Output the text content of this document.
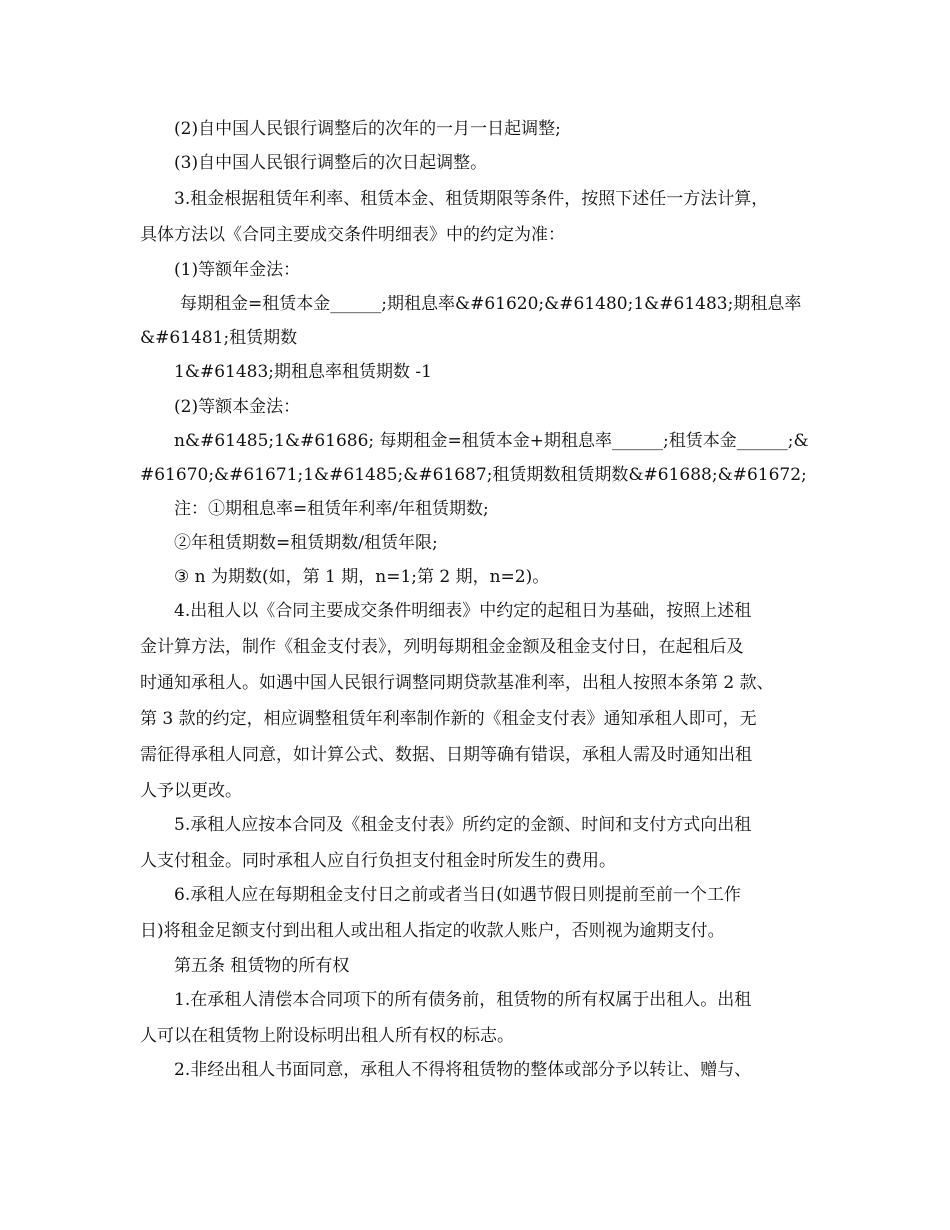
(2)自中国人民银行调整后的次年的一月一日起调整;
(3)自中国人民银行调整后的次日起调整。
3.租金根据租赁年利率、租赁本金、租赁期限等条件，按照下述任一方法计算，
具体方法以《合同主要成交条件明细表》中的约定为准：
(1)等额年金法：
每期租金=租赁本金______;期租息率&#61620;&#61480;1&#61483;期租息率
&#61481;租赁期数
1&#61483;期租息率租赁期数 -1
(2)等额本金法：
n&#61485;1&#61686; 每期租金=租赁本金+期租息率______;租赁本金______;&
#61670;&#61671;1&#61485;&#61687;租赁期数租赁期数&#61688;&#61672;
注：①期租息率=租赁年利率/年租赁期数;
②年租赁期数=租赁期数/租赁年限;
③ n 为期数(如，第 1 期，n=1;第 2 期，n=2)。
4.出租人以《合同主要成交条件明细表》中约定的起租日为基础，按照上述租
金计算方法，制作《租金支付表》，列明每期租金金额及租金支付日，在起租后及
时通知承租人。如遇中国人民银行调整同期贷款基准利率，出租人按照本条第 2 款、
第 3 款的约定，相应调整租赁年利率制作新的《租金支付表》通知承租人即可，无
需征得承租人同意，如计算公式、数据、日期等确有错误，承租人需及时通知出租
人予以更改。
5.承租人应按本合同及《租金支付表》所约定的金额、时间和支付方式向出租
人支付租金。同时承租人应自行负担支付租金时所发生的费用。
6.承租人应在每期租金支付日之前或者当日(如遇节假日则提前至前一个工作
日)将租金足额支付到出租人或出租人指定的收款人账户，否则视为逾期支付。
第五条 租赁物的所有权
1.在承租人清偿本合同项下的所有债务前，租赁物的所有权属于出租人。出租
人可以在租赁物上附设标明出租人所有权的标志。
2.非经出租人书面同意，承租人不得将租赁物的整体或部分予以转让、赠与、
